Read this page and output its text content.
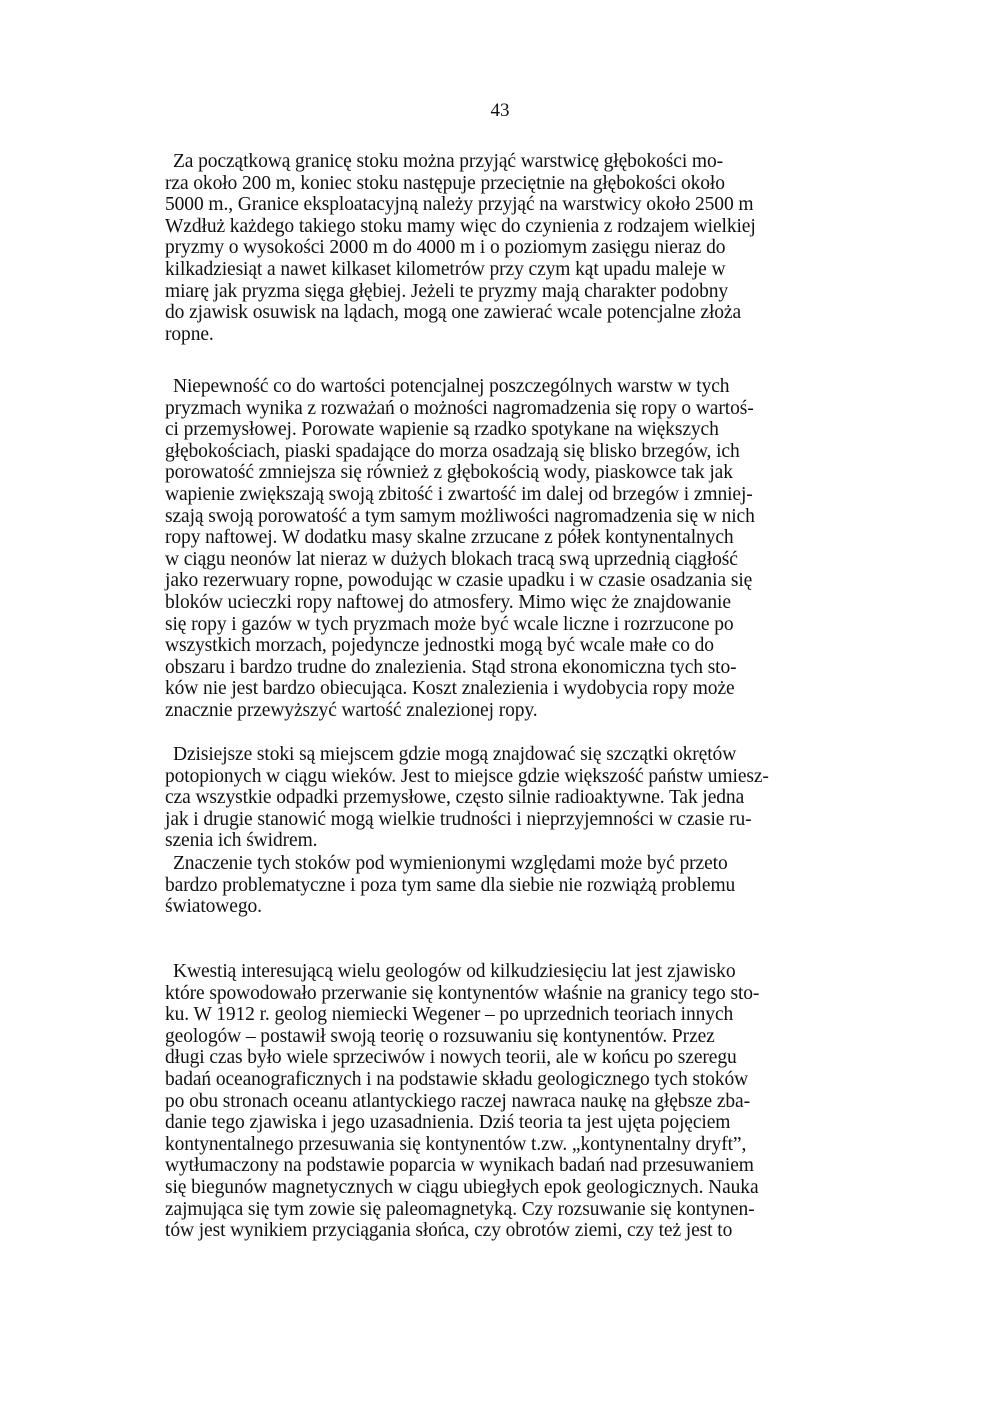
43
Za początkową granicę stoku można przyjąć warstwicę głębokości mo-
rza około 200 m, koniec stoku następuje przeciętnie na głębokości około
5000 m., Granice eksploatacyjną należy przyjąć na warstwicy około 2500 m
Wzdłuż każdego takiego stoku mamy więc do czynienia z rodzajem wielkiej
pryzmy o wysokości 2000 m do 4000 m i o poziomym zasięgu nieraz do
kilkadziesiąt a nawet kilkaset kilometrów przy czym kąt upadu maleje w
miarę jak pryzma sięga głębiej. Jeżeli te pryzmy mają charakter podobny
do zjawisk osuwisk na lądach, mogą one zawierać wcale potencjalne złoża
ropne.
Niepewność co do wartości potencjalnej poszczególnych warstw w tych
pryzmach wynika z rozważań o możności nagromadzenia się ropy o wartoś-
ci przemysłowej. Porowate wapienie są rzadko spotykane na większych
głębokościach, piaski spadające do morza osadzają się blisko brzegów, ich
porowatość zmniejsza się również z głębokością wody, piaskowce tak jak
wapienie zwiększają swoją zbitość i zwartość im dalej od brzegów i zmniej-
szają swoją porowatość a tym samym możliwości nagromadzenia się w nich
ropy naftowej. W dodatku masy skalne zrzucane z półek kontynentalnych
w ciągu neonów lat nieraz w dużych blokach tracą swą uprzednią ciągłość
jako rezerwuary ropne, powodując w czasie upadku i w czasie osadzania się
bloków ucieczki ropy naftowej do atmosfery. Mimo więc że znajdowanie
się ropy i gazów w tych pryzmach może być wcale liczne i rozrzucone po
wszystkich morzach, pojedyncze jednostki mogą być wcale małe co do
obszaru i bardzo trudne do znalezienia. Stąd strona ekonomiczna tych sto-
ków nie jest bardzo obiecująca. Koszt znalezienia i wydobycia ropy może
znacznie przewyższyć wartość znalezionej ropy.
Dzisiejsze stoki są miejscem gdzie mogą znajdować się szczątki okrętów
potopionych w ciągu wieków. Jest to miejsce gdzie większość państw umiesz-
cza wszystkie odpadki przemysłowe, często silnie radioaktywne. Tak jedna
jak i drugie stanowić mogą wielkie trudności i nieprzyjemności w czasie ru-
szenia ich świdrem.
Znaczenie tych stoków pod wymienionymi względami może być przeto
bardzo problematyczne i poza tym same dla siebie nie rozwiążą problemu
światowego.
Kwestią interesującą wielu geologów od kilkudziesięciu lat jest zjawisko
które spowodowało przerwanie się kontynentów właśnie na granicy tego sto-
ku. W 1912 r. geolog niemiecki Wegener – po uprzednich teoriach innych
geologów – postawił swoją teorię o rozsuwaniu się kontynentów. Przez
długi czas było wiele sprzeciwów i nowych teorii, ale w końcu po szeregu
badań oceanograficznych i na podstawie składu geologicznego tych stoków
po obu stronach oceanu atlantyckiego raczej nawraca naukę na głębsze zba-
danie tego zjawiska i jego uzasadnienia. Dziś teoria ta jest ujęta pojęciem
kontynentalnego przesuwania się kontynentów t.zw. „kontynentalny dryft”,
wytłumaczony na podstawie poparcia w wynikach badań nad przesuwaniem
się biegunów magnetycznych w ciągu ubiegłych epok geologicznych. Nauka
zajmująca się tym zowie się paleomagnetyką. Czy rozsuwanie się kontynen-
tów jest wynikiem przyciągania słońca, czy obrotów ziemi, czy też jest to
